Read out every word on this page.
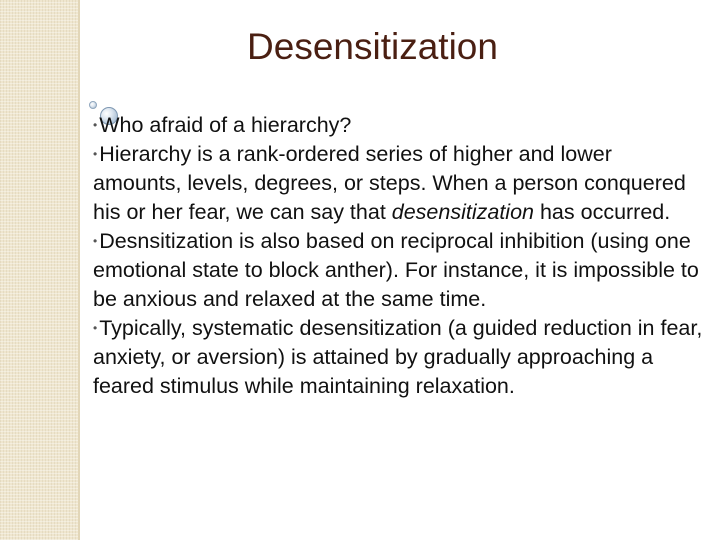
Desensitization

•Who afraid of a hierarchy?

•Hierarchy is a rank-ordered series of higher and lower amounts, levels, degrees, or steps. When a person conquered his or her fear, we can say that desensitization has occurred.

•Desnsitization is also based on reciprocal inhibition (using one emotional state to block anther). For instance, it is impossible to be anxious and relaxed at the same time.

•Typically, systematic desensitization (a guided reduction in fear, anxiety, or aversion) is attained by gradually approaching a feared stimulus while maintaining relaxation.
